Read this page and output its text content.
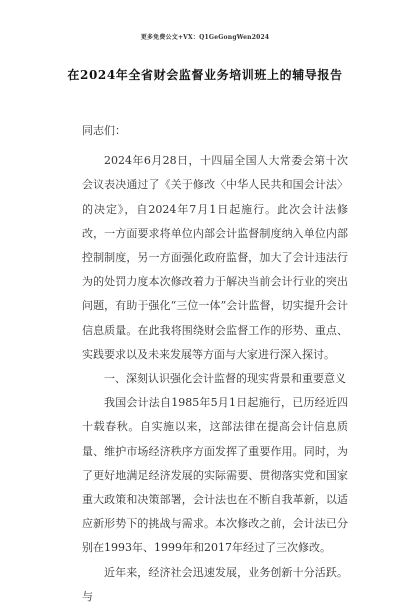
更多免费公文+VX：Q1GeGongWen2024
在2024年全省财会监督业务培训班上的辅导报告

同志们：

2024年6月28日，十四届全国人大常委会第十次会议表决通过了《关于修改〈中华人民共和国会计法〉的决定》，自2024年7月1日起施行。此次会计法修改，一方面要求将单位内部会计监督制度纳入单位内部控制制度，另一方面强化政府监督，加大了会计违法行为的处罚力度本次修改着力于解决当前会计行业的突出问题，有助于强化“三位一体”会计监督，切实提升会计信息质量。在此我将围绕财会监督工作的形势、重点、实践要求以及未来发展等方面与大家进行深入探讨。

一、深刻认识强化会计监督的现实背景和重要意义

我国会计法自1985年5月1日起施行，已历经近四十载春秋。自实施以来，这部法律在提高会计信息质量、维护市场经济秩序方面发挥了重要作用。同时，为了更好地满足经济发展的实际需要、贯彻落实党和国家重大政策和决策部署，会计法也在不断自我革新，以适应新形势下的挑战与需求。本次修改之前，会计法已分别在1993年、1999年和2017年经过了三次修改。

近年来，经济社会迅速发展，业务创新十分活跃。与
